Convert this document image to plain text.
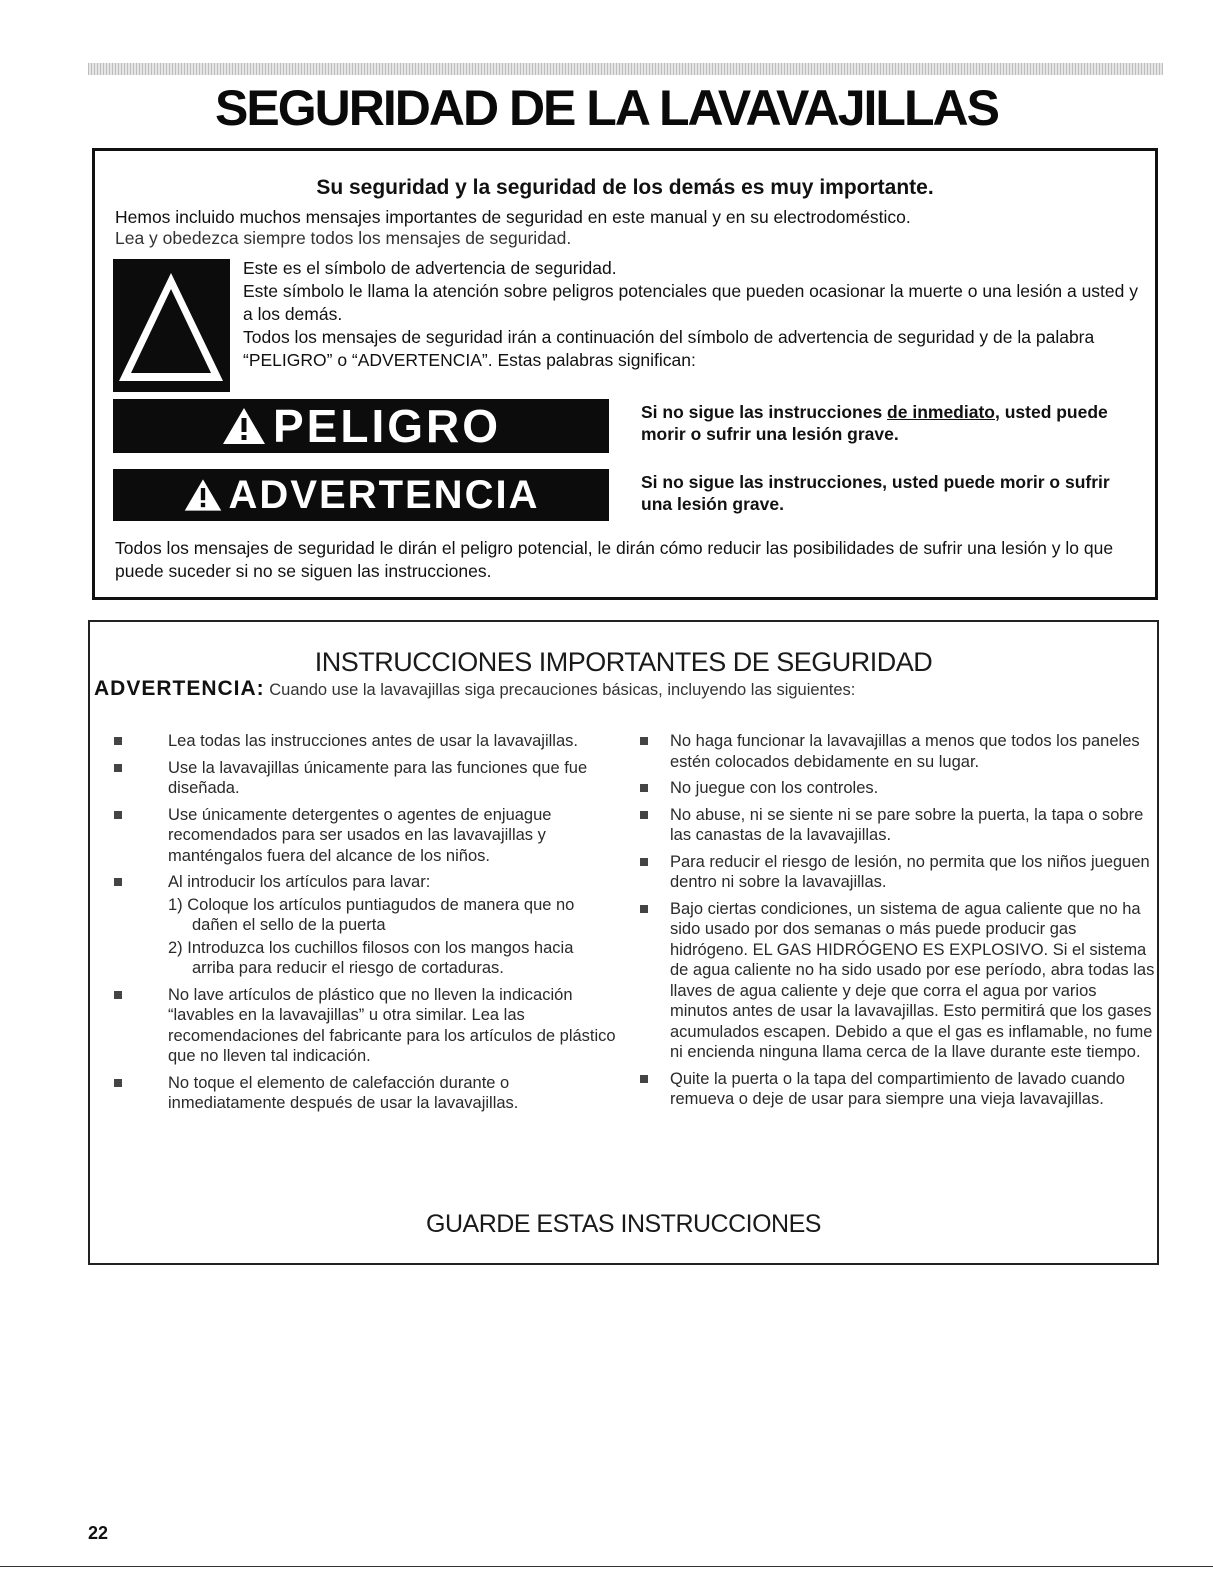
SEGURIDAD DE LA LAVAVAJILLAS
Su seguridad y la seguridad de los demás es muy importante.
Hemos incluido muchos mensajes importantes de seguridad en este manual y en su electrodoméstico.
Lea y obedezca siempre todos los mensajes de seguridad.

Este es el símbolo de advertencia de seguridad.

Este símbolo le llama la atención sobre peligros potenciales que pueden ocasionar la muerte o una lesión a usted y a los demás.

Todos los mensajes de seguridad irán a continuación del símbolo de advertencia de seguridad y de la palabra “PELIGRO” o “ADVERTENCIA”. Estas palabras significan:

PELIGRO	Si no sigue las instrucciones de inmediato, usted puede morir o sufrir una lesión grave.
ADVERTENCIA	Si no sigue las instrucciones, usted puede morir o sufrir una lesión grave.
Todos los mensajes de seguridad le dirán el peligro potencial, le dirán cómo reducir las posibilidades de sufrir una lesión y lo que puede suceder si no se siguen las instrucciones.
INSTRUCCIONES IMPORTANTES DE SEGURIDAD
ADVERTENCIA: Cuando use la lavavajillas siga precauciones básicas, incluyendo las siguientes:
Lea todas las instrucciones antes de usar la lavavajillas.
Use la lavavajillas únicamente para las funciones que fue diseñada.
Use únicamente detergentes o agentes de enjuague recomendados para ser usados en las lavavajillas y manténgalos fuera del alcance de los niños.
Al introducir los artículos para lavar:
1) Coloque los artículos puntiagudos de manera que no dañen el sello de la puerta
2) Introduzca los cuchillos filosos con los mangos hacia arriba para reducir el riesgo de cortaduras.
No lave artículos de plástico que no lleven la indicación “lavables en la lavavajillas” u otra similar. Lea las recomendaciones del fabricante para los artículos de plástico que no lleven tal indicación.
No toque el elemento de calefacción durante o inmediatamente después de usar la lavavajillas.
No haga funcionar la lavavajillas a menos que todos los paneles estén colocados debidamente en su lugar.
No juegue con los controles.
No abuse, ni se siente ni se pare sobre la puerta, la tapa o sobre las canastas de la lavavajillas.
Para reducir el riesgo de lesión, no permita que los niños jueguen dentro ni sobre la lavavajillas.
Bajo ciertas condiciones, un sistema de agua caliente que no ha sido usado por dos semanas o más puede producir gas hidrógeno. EL GAS HIDRÓGENO ES EXPLOSIVO. Si el sistema de agua caliente no ha sido usado por ese período, abra todas las llaves de agua caliente y deje que corra el agua por varios minutos antes de usar la lavavajillas. Esto permitirá que los gases acumulados escapen. Debido a que el gas es inflamable, no fume ni encienda ninguna llama cerca de la llave durante este tiempo.
Quite la puerta o la tapa del compartimiento de lavado cuando remueva o deje de usar para siempre una vieja lavavajillas.
GUARDE ESTAS INSTRUCCIONES
22
